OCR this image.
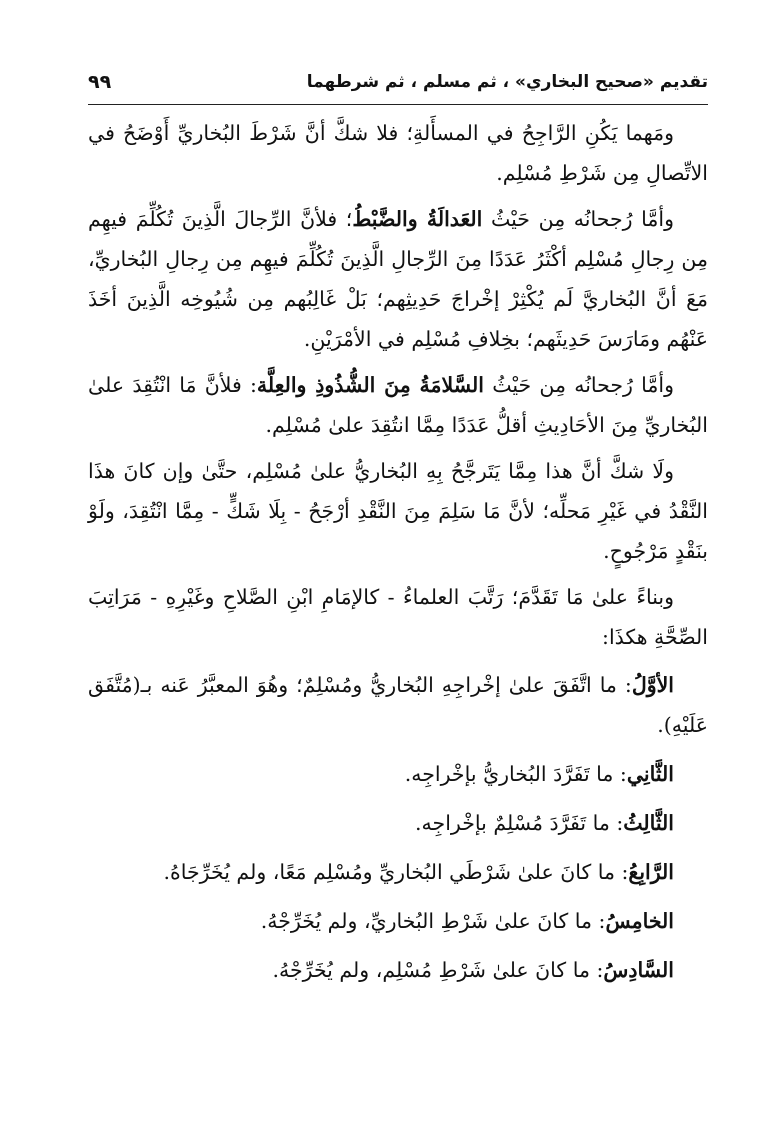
تقديم «صحيح البخاري» ، ثم مسلم ، ثم شرطهما
٩٩

ومَهما يَكُنِ الرَّاجِحُ في المسأَلةِ؛ فلا شكَّ أنَّ شَرْطَ البُخاريِّ أَوْضَحُ في الاتِّصالِ مِن شَرْطِ مُسْلِم.

وأمَّا رُجحانُه مِن حَيْثُ العَدالَةُ والضَّبْطُ؛ فلأنَّ الرِّجالَ الَّذِينَ تُكُلِّمَ فيهِم مِن رِجالِ مُسْلِم أكْثَرُ عَدَدًا مِنَ الرِّجالِ الَّذِينَ تُكُلِّمَ فيهِم مِن رِجالِ البُخاريِّ، مَعَ أنَّ البُخاريَّ لَم يُكْثِرْ إخْراجَ حَدِيثِهم؛ بَلْ غَالِبُهم مِن شُيُوخِه الَّذِينَ أخَذَ عَنْهُم ومَارَسَ حَدِيثَهم؛ بخِلافِ مُسْلِم في الأمْرَيْنِ.

وأمَّا رُجحانُه مِن حَيْثُ السَّلامَةُ مِنَ الشُّذُوذِ والعِلَّة: فلأنَّ مَا انْتُقِدَ علىٰ البُخاريِّ مِنَ الأحَادِيثِ أقلُّ عَدَدًا مِمَّا انتُقِدَ علىٰ مُسْلِم.

ولَا شكَّ أنَّ هذا مِمَّا يَتَرجَّحُ بِهِ البُخاريُّ علىٰ مُسْلِم، حتَّىٰ وإن كانَ هذَا النَّقْدُ في غَيْرِ مَحلِّه؛ لأنَّ مَا سَلِمَ مِنَ النَّقْدِ أرْجَحُ - بِلَا شَكٍّ - مِمَّا انْتُقِدَ، ولَوْ بنَقْدٍ مَرْجُوحٍ.

وبناءً علىٰ مَا تَقَدَّمَ؛ رَتَّبَ العلماءُ - كالإمَامِ ابْنِ الصَّلاحِ وغَيْرِهِ - مَرَاتِبَ الصِّحَّةِ هكذَا:

الأوَّلُ: ما اتَّفَقَ علىٰ إخْراجِهِ البُخاريُّ ومُسْلِمٌ؛ وهُوَ المعبَّرُ عَنه بـ(مُتَّفَق عَلَيْهِ).

الثَّانِي: ما تَفَرَّدَ البُخاريُّ بإخْراجِه.

الثَّالِثُ: ما تَفَرَّدَ مُسْلِمٌ بإخْراجِه.

الرَّابِعُ: ما كانَ علىٰ شَرْطَي البُخاريِّ ومُسْلِم مَعًا، ولم يُخَرِّجَاهُ.

الخامِسُ: ما كانَ علىٰ شَرْطِ البُخاريِّ، ولم يُخَرِّجْهُ.

السَّادِسُ: ما كانَ علىٰ شَرْطِ مُسْلِم، ولم يُخَرِّجْهُ.
